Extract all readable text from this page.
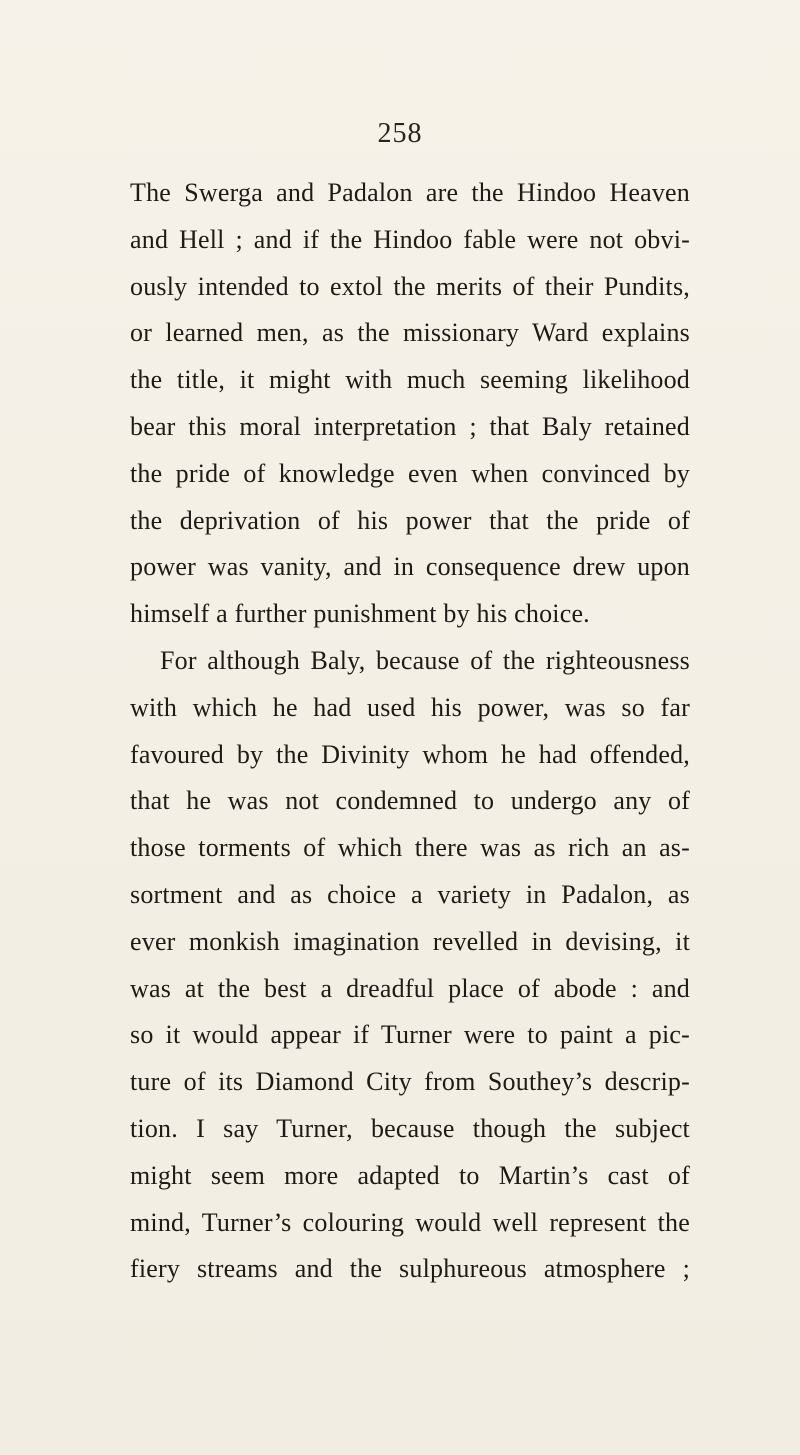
258
The Swerga and Padalon are the Hindoo Heaven
and Hell ; and if the Hindoo fable were not obvi-
ously intended to extol the merits of their Pundits,
or learned men, as the missionary Ward explains
the title, it might with much seeming likelihood
bear this moral interpretation ; that Baly retained
the pride of knowledge even when convinced by
the deprivation of his power that the pride of
power was vanity, and in consequence drew upon
himself a further punishment by his choice.
For although Baly, because of the righteousness
with which he had used his power, was so far
favoured by the Divinity whom he had offended,
that he was not condemned to undergo any of
those torments of which there was as rich an as-
sortment and as choice a variety in Padalon, as
ever monkish imagination revelled in devising, it
was at the best a dreadful place of abode : and
so it would appear if Turner were to paint a pic-
ture of its Diamond City from Southey’s descrip-
tion. I say Turner, because though the subject
might seem more adapted to Martin’s cast of
mind, Turner’s colouring would well represent the
fiery streams and the sulphureous atmosphere ;
